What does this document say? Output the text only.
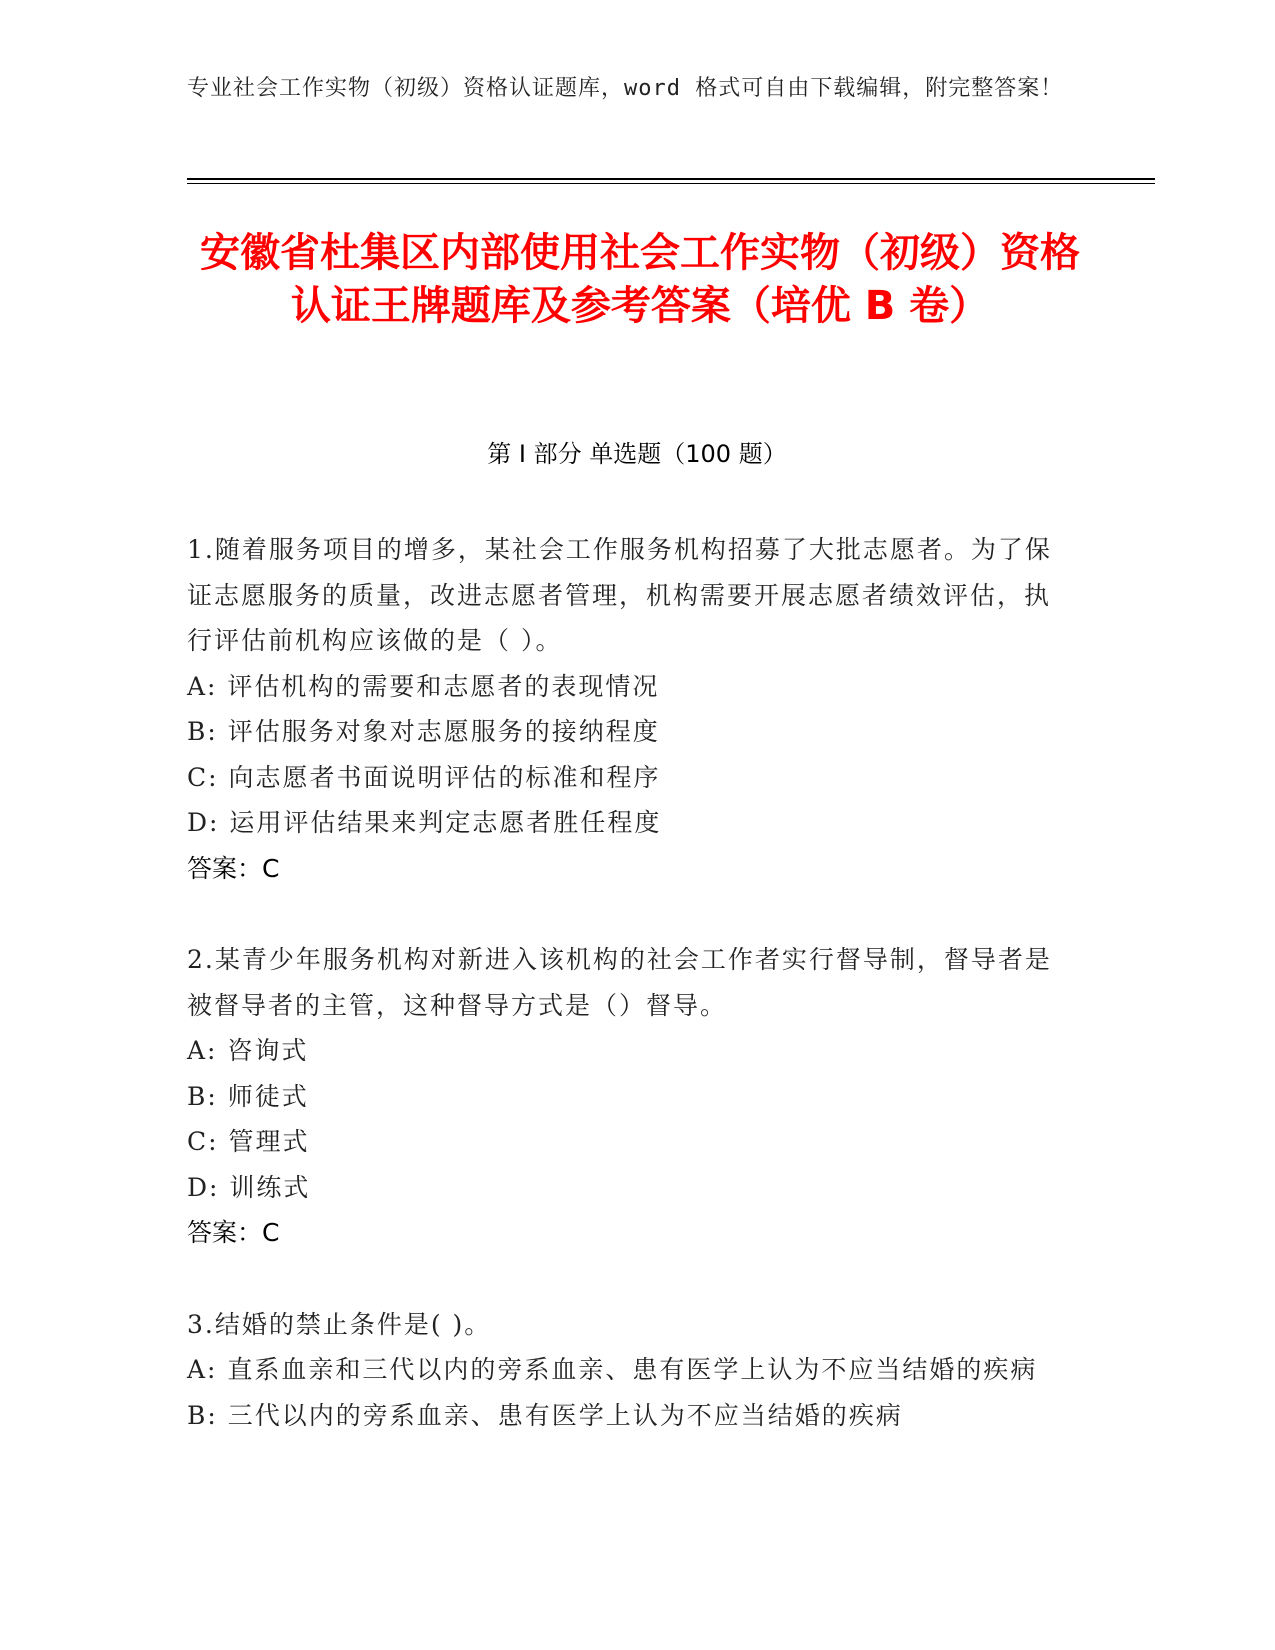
专业社会工作实物（初级）资格认证题库，word 格式可自由下载编辑，附完整答案！
安徽省杜集区内部使用社会工作实物（初级）资格认证王牌题库及参考答案（培优 B 卷）
第 I 部分 单选题（100 题）

1.随着服务项目的增多，某社会工作服务机构招募了大批志愿者。为了保证志愿服务的质量，改进志愿者管理，机构需要开展志愿者绩效评估，执行评估前机构应该做的是（ ）。

A: 评估机构的需要和志愿者的表现情况

B: 评估服务对象对志愿服务的接纳程度

C: 向志愿者书面说明评估的标准和程序

D: 运用评估结果来判定志愿者胜任程度

答案：C

2.某青少年服务机构对新进入该机构的社会工作者实行督导制，督导者是被督导者的主管，这种督导方式是（）督导。

A: 咨询式

B: 师徒式

C: 管理式

D: 训练式

答案：C

3.结婚的禁止条件是( )。

A: 直系血亲和三代以内的旁系血亲、患有医学上认为不应当结婚的疾病

B: 三代以内的旁系血亲、患有医学上认为不应当结婚的疾病
